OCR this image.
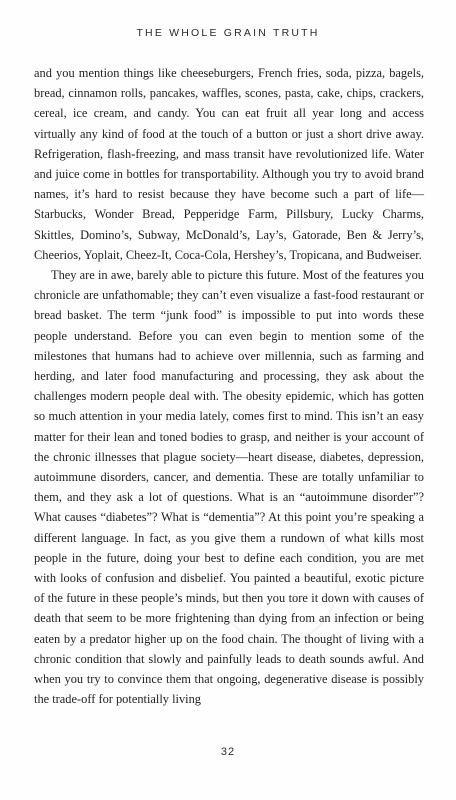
THE WHOLE GRAIN TRUTH

and you mention things like cheeseburgers, French fries, soda, pizza, bagels, bread, cinnamon rolls, pancakes, waffles, scones, pasta, cake, chips, crackers, cereal, ice cream, and candy. You can eat fruit all year long and access virtually any kind of food at the touch of a button or just a short drive away. Refrigeration, flash-freezing, and mass transit have revolutionized life. Water and juice come in bottles for transportability. Although you try to avoid brand names, it’s hard to resist because they have become such a part of life—Starbucks, Wonder Bread, Pepperidge Farm, Pillsbury, Lucky Charms, Skittles, Domino’s, Subway, McDonald’s, Lay’s, Gatorade, Ben & Jerry’s, Cheerios, Yoplait, Cheez-It, Coca-Cola, Hershey’s, Tropicana, and Budweiser.

They are in awe, barely able to picture this future. Most of the features you chronicle are unfathomable; they can’t even visualize a fast-food restaurant or bread basket. The term “junk food” is impossible to put into words these people understand. Before you can even begin to mention some of the milestones that humans had to achieve over millennia, such as farming and herding, and later food manufacturing and processing, they ask about the challenges modern people deal with. The obesity epidemic, which has gotten so much attention in your media lately, comes first to mind. This isn’t an easy matter for their lean and toned bodies to grasp, and neither is your account of the chronic illnesses that plague society—heart disease, diabetes, depression, autoimmune disorders, cancer, and dementia. These are totally unfamiliar to them, and they ask a lot of questions. What is an “autoimmune disorder”? What causes “diabetes”? What is “dementia”? At this point you’re speaking a different language. In fact, as you give them a rundown of what kills most people in the future, doing your best to define each condition, you are met with looks of confusion and disbelief. You painted a beautiful, exotic picture of the future in these people’s minds, but then you tore it down with causes of death that seem to be more frightening than dying from an infection or being eaten by a predator higher up on the food chain. The thought of living with a chronic condition that slowly and painfully leads to death sounds awful. And when you try to convince them that ongoing, degenerative disease is possibly the trade-off for potentially living

32
